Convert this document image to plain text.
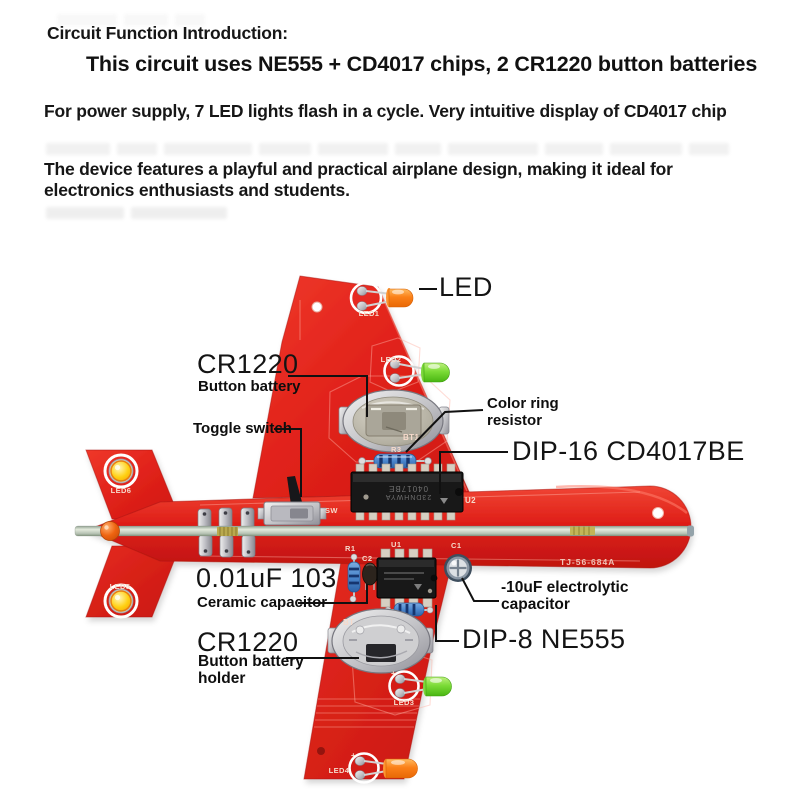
Circuit Function Introduction:
This circuit uses NE555 + CD4017 chips, 2 CR1220 button batteries
For power supply, 7 LED lights flash in a cycle. Very intuitive display of CD4017 chip
The device features a playful and practical airplane design, making it ideal for electronics enthusiasts and students.
SW
BT1
R3
04017BE
23DNHWYA	U2
R1
C2
U1	C1
BT
LED1
LED2
+
LED3
+
LED4
LED6
LED5
TJ-56-684A
LED
CR1220
Button battery
Toggle switch
Color ring
resistor
DIP-16 CD4017BE
0.01uF 103
Ceramic capacitor
-10uF electrolytic
capacitor
DIP-8 NE555
CR1220
Button battery
holder
